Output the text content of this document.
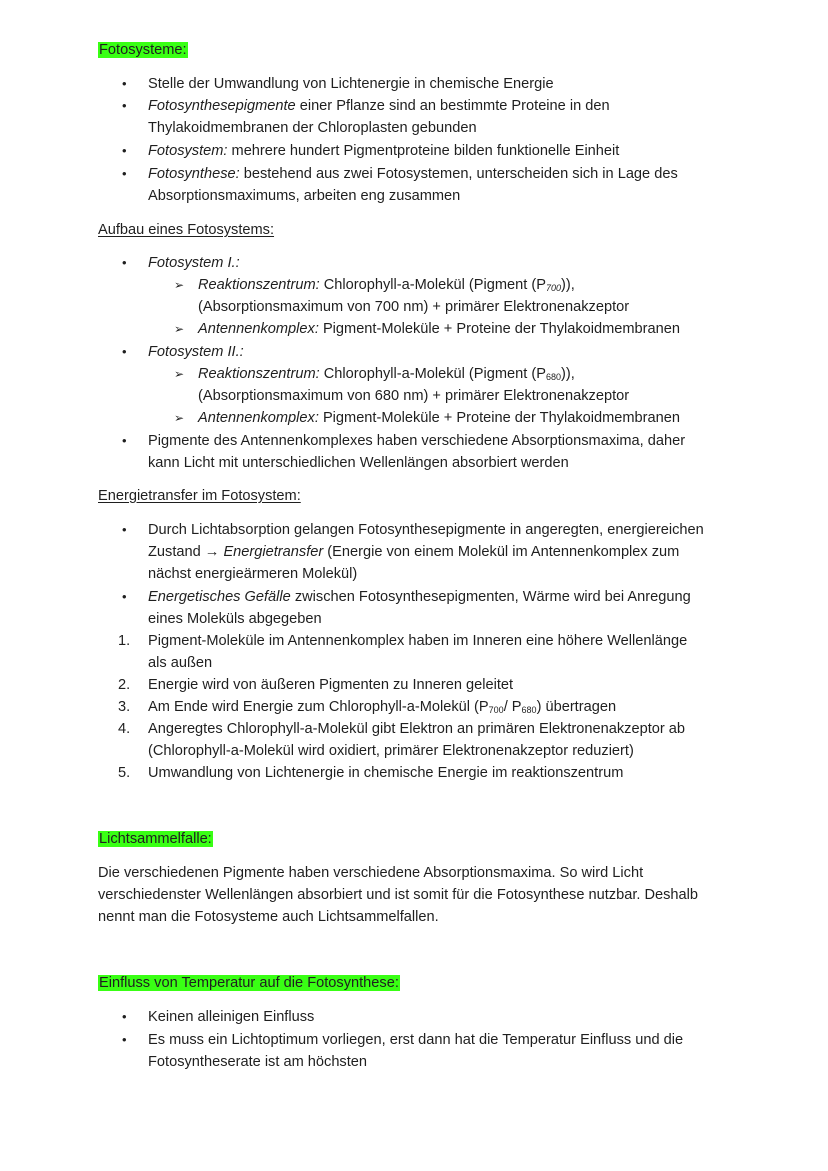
Fotosysteme:
• Stelle der Umwandlung von Lichtenergie in chemische Energie
• Fotosynthesepigmente einer Pflanze sind an bestimmte Proteine in den
Thylakoidmembranen der Chloroplasten gebunden
• Fotosystem: mehrere hundert Pigmentproteine bilden funktionelle Einheit
• Fotosynthese: bestehend aus zwei Fotosystemen, unterscheiden sich in Lage des
Absorptionsmaximums, arbeiten eng zusammen
Aufbau eines Fotosystems:
• Fotosystem I.:
➢ Reaktionszentrum: Chlorophyll-a-Molekül (Pigment $(P_{700})$),
(Absorptionsmaximum von 700 nm) + primärer Elektronenakzeptor
➢ Antennenkomplex: Pigment-Moleküle + Proteine der Thylakoidmembranen
• Fotosystem II.:
➢ Reaktionszentrum: Chlorophyll-a-Molekül (Pigment $(P_{680})$),
(Absorptionsmaximum von 680 nm) + primärer Elektronenakzeptor
➢ Antennenkomplex: Pigment-Moleküle + Proteine der Thylakoidmembranen
• Pigmente des Antennenkomplexes haben verschiedene Absorptionsmaxima, daher
kann Licht mit unterschiedlichen Wellenlängen absorbiert werden
Energietransfer im Fotosystem:
• Durch Lichtabsorption gelangen Fotosynthesepigmente in angeregten, energiereichen
Zustand → Energietransfer (Energie von einem Molekül im Antennenkomplex zum
nächst energieärmeren Molekül)
• Energetisches Gefälle zwischen Fotosynthesepigmenten, Wärme wird bei Anregung
eines Moleküls abgegeben
1. Pigment-Moleküle im Antennenkomplex haben im Inneren eine höhere Wellenlänge
als außen
2. Energie wird von äußeren Pigmenten zu Inneren geleitet
3. Am Ende wird Energie zum Chlorophyll-a-Molekül ($P_{700}/$ $P_{680}$) übertragen
4. Angeregtes Chlorophyll-a-Molekül gibt Elektron an primären Elektronenakzeptor ab
(Chlorophyll-a-Molekül wird oxidiert, primärer Elektronenakzeptor reduziert)
5. Umwandlung von Lichtenergie in chemische Energie im reaktionszentrum
Lichtsammelfalle:
Die verschiedenen Pigmente haben verschiedene Absorptionsmaxima. So wird Licht
verschiedenster Wellenlängen absorbiert und ist somit für die Fotosynthese nutzbar. Deshalb
nennt man die Fotosysteme auch Lichtsammelfallen.
Einfluss von Temperatur auf die Fotosynthese:
• Keinen alleinigen Einfluss
• Es muss ein Lichtoptimum vorliegen, erst dann hat die Temperatur Einfluss und die
Fotosyntheserate ist am höchsten
